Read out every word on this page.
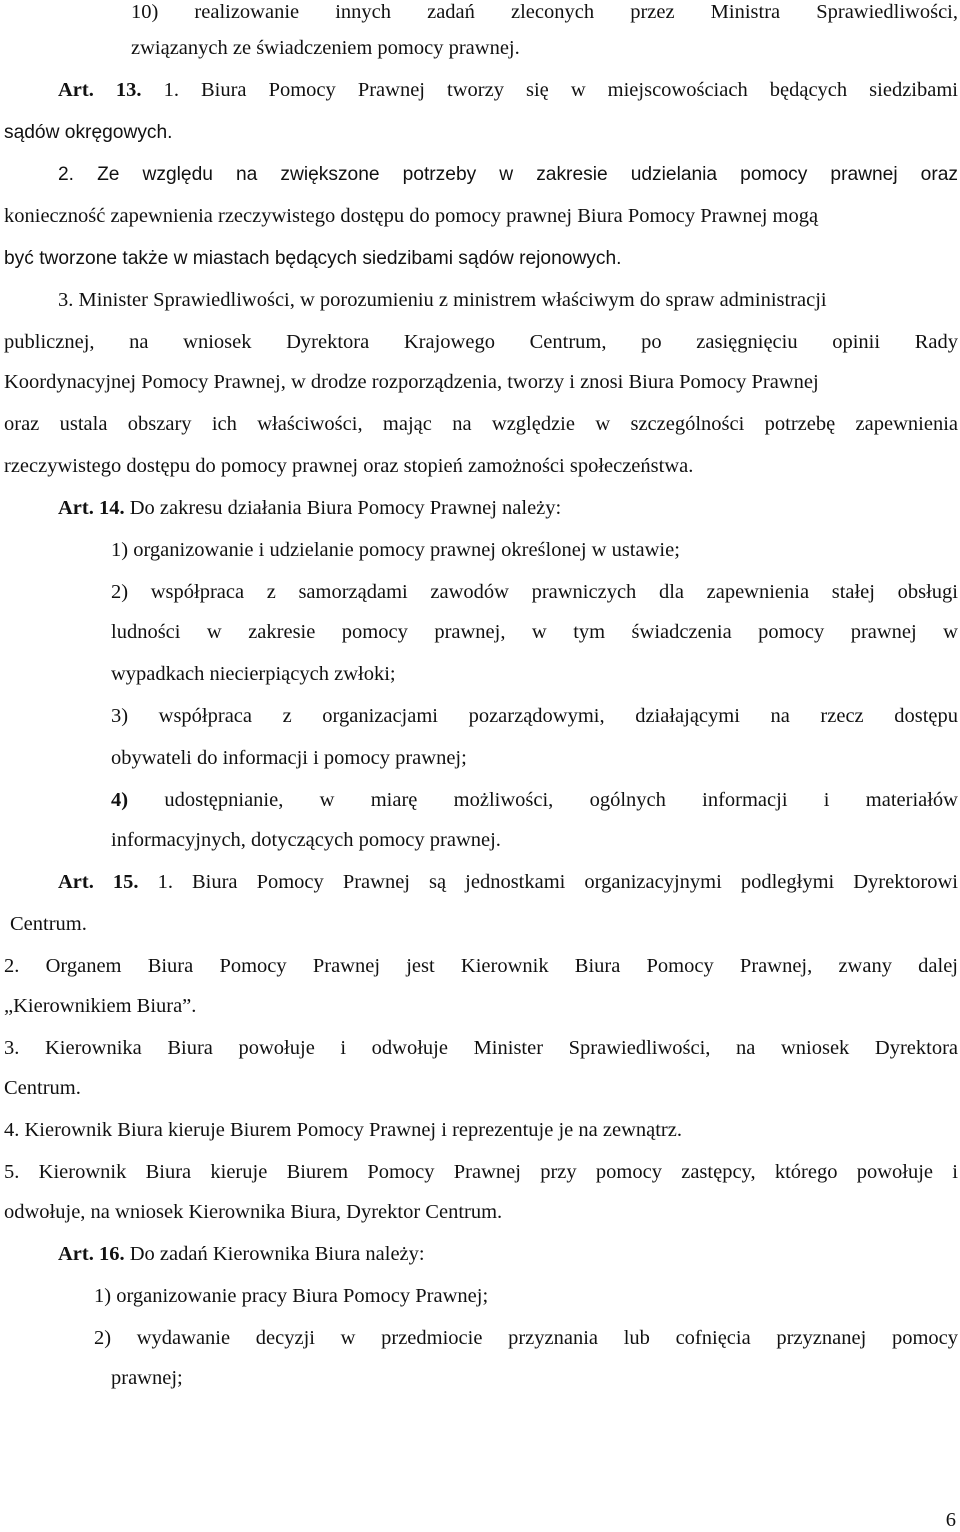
10) realizowanie innych zadań zleconych przez Ministra Sprawiedliwości,
związanych ze świadczeniem pomocy prawnej.
Art. 13. 1. Biura Pomocy Prawnej tworzy się w miejscowościach będących siedzibami
sądów okręgowych.
2. Ze względu na zwiększone potrzeby w zakresie udzielania pomocy prawnej oraz
konieczność zapewnienia rzeczywistego dostępu do pomocy prawnej Biura Pomocy Prawnej mogą
być tworzone także w miastach będących siedzibami sądów rejonowych.
3. Minister Sprawiedliwości, w porozumieniu z ministrem właściwym do spraw administracji
publicznej, na wniosek Dyrektora Krajowego Centrum, po zasięgnięciu opinii Rady
Koordynacyjnej Pomocy Prawnej, w drodze rozporządzenia, tworzy i znosi Biura Pomocy Prawnej
oraz ustala obszary ich właściwości, mając na względzie w szczególności potrzebę zapewnienia
rzeczywistego dostępu do pomocy prawnej oraz stopień zamożności społeczeństwa.
Art. 14. Do zakresu działania Biura Pomocy Prawnej należy:
1) organizowanie i udzielanie pomocy prawnej określonej w ustawie;
2) współpraca z samorządami zawodów prawniczych dla zapewnienia stałej obsługi
ludności w zakresie pomocy prawnej, w tym świadczenia pomocy prawnej w
wypadkach niecierpiących zwłoki;
3) współpraca z organizacjami pozarządowymi, działającymi na rzecz dostępu
obywateli do informacji i pomocy prawnej;
4) udostępnianie, w miarę możliwości, ogólnych informacji i materiałów
informacyjnych, dotyczących pomocy prawnej.
Art. 15. 1. Biura Pomocy Prawnej są jednostkami organizacyjnymi podległymi Dyrektorowi
Centrum.
2. Organem Biura Pomocy Prawnej jest Kierownik Biura Pomocy Prawnej, zwany dalej
„Kierownikiem Biura”.
3. Kierownika Biura powołuje i odwołuje Minister Sprawiedliwości, na wniosek Dyrektora
Centrum.
4. Kierownik Biura kieruje Biurem Pomocy Prawnej i reprezentuje je na zewnątrz.
5. Kierownik Biura kieruje Biurem Pomocy Prawnej przy pomocy zastępcy, którego powołuje i
odwołuje, na wniosek Kierownika Biura, Dyrektor Centrum.
Art. 16. Do zadań Kierownika Biura należy:
1) organizowanie pracy Biura Pomocy Prawnej;
2) wydawanie decyzji w przedmiocie przyznania lub cofnięcia przyznanej pomocy
prawnej;
6
